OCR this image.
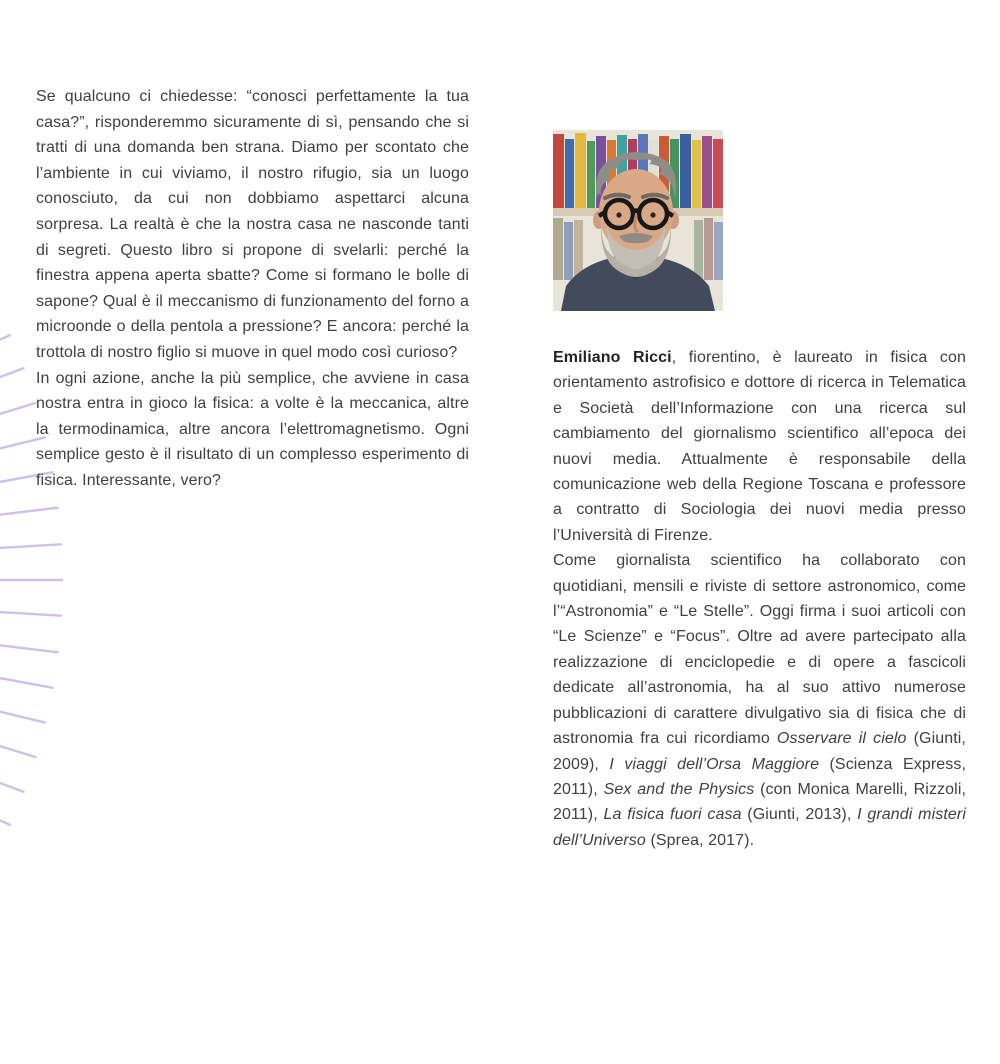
Se qualcuno ci chiedesse: “conosci perfettamente la tua casa?”, risponderemmo sicuramente di sì, pensando che si tratti di una domanda ben strana. Diamo per scontato che l’ambiente in cui viviamo, il nostro rifugio, sia un luogo conosciuto, da cui non dobbiamo aspettarci alcuna sorpresa. La realtà è che la nostra casa ne nasconde tanti di segreti. Questo libro si propone di svelarli: perché la finestra appena aperta sbatte? Come si formano le bolle di sapone? Qual è il meccanismo di funzionamento del forno a microonde o della pentola a pressione? E ancora: perché la trottola di nostro figlio si muove in quel modo così curioso?

In ogni azione, anche la più semplice, che avviene in casa nostra entra in gioco la fisica: a volte è la meccanica, altre la termodinamica, altre ancora l’elettromagnetismo. Ogni semplice gesto è il risultato di un complesso esperimento di fisica. Interessante, vero?

Emiliano Ricci, fiorentino, è laureato in fisica con orientamento astrofisico e dottore di ricerca in Telematica e Società dell’Informazione con una ricerca sul cambiamento del giornalismo scientifico all’epoca dei nuovi media. Attualmente è responsabile della comunicazione web della Regione Toscana e professore a contratto di Sociologia dei nuovi media presso l’Università di Firenze.

Come giornalista scientifico ha collaborato con quotidiani, mensili e riviste di settore astronomico, come l’“Astronomia” e “Le Stelle”. Oggi firma i suoi articoli con “Le Scienze” e “Focus”. Oltre ad avere partecipato alla realizzazione di enciclopedie e di opere a fascicoli dedicate all’astronomia, ha al suo attivo numerose pubblicazioni di carattere divulgativo sia di fisica che di astronomia fra cui ricordiamo Osservare il cielo (Giunti, 2009), I viaggi dell’Orsa Maggiore (Scienza Express, 2011), Sex and the Physics (con Monica Marelli, Rizzoli, 2011), La fisica fuori casa (Giunti, 2013), I grandi misteri dell’Universo (Sprea, 2017).
